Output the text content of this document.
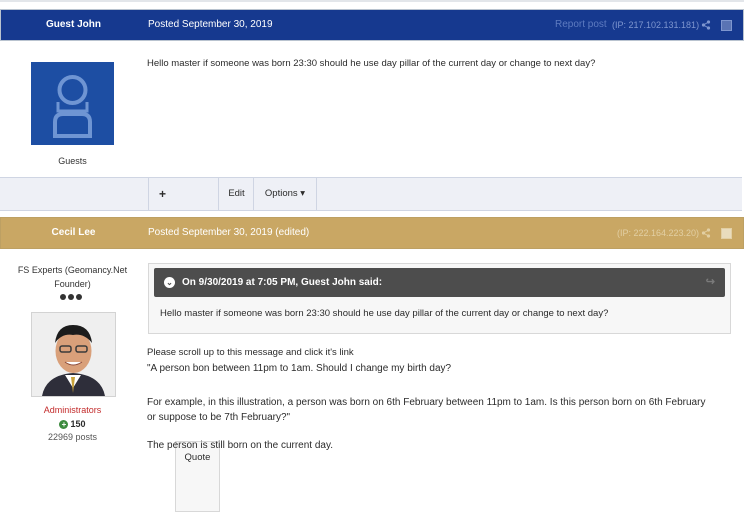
Guest John	Posted September 30, 2019	Report post (IP: 217.102.131.181)
Guests
Hello master if someone was born 23:30 should he use day pillar of the current day or change to next day?
+
Quote
Edit	Options ▾
Cecil Lee	Posted September 30, 2019 (edited)	(IP: 222.164.223.20)
FS Experts (Geomancy.Net Founder)
Administrators
+ 150
22969 posts
⌄ On 9/30/2019 at 7:05 PM, Guest John said:	↪
Hello master if someone was born 23:30 should he use day pillar of the current day or change to next day?
Please scroll up to this message and click it's link
"A person bon between 11pm to 1am. Should I change my birth day?
For example, in this illustration, a person was born on 6th February between 11pm to 1am. Is this person born on 6th February
or suppose to be 7th February?"
The person is still born on the current day.
